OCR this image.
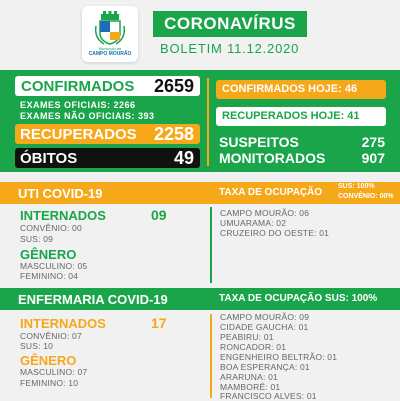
Município de
CAMPO MOURÃO
CORONAVÍRUS
BOLETIM 11.12.2020
CONFIRMADOS 2659
EXAMES OFICIAIS: 2266
EXAMES NÃO OFICIAIS: 393
RECUPERADOS 2258
ÓBITOS	49
CONFIRMADOS HOJE: 46
RECUPERADOS HOJE: 41
SUSPEITOS	275
MONITORADOS	907
UTI COVID-19	TAXA DE OCUPAÇÃO
SUS: 100%
CONVÊNIO: 00%
INTERNADOS	09
CONVÊNIO: 00
SUS: 09
GÊNERO
MASCULINO: 05
FEMININO: 04
CAMPO MOURÃO: 06
UMUARAMA: 02
CRUZEIRO DO OESTE: 01
ENFERMARIA COVID-19	TAXA DE OCUPAÇÃO SUS: 100%
INTERNADOS	17
CONVÊNIO: 07
SUS: 10
GÊNERO
MASCULINO: 07
FEMININO: 10
CAMPO MOURÃO: 09
CIDADE GAUCHA: 01
PEABIRU: 01
RONCADOR: 01
ENGENHEIRO BELTRÃO: 01
BOA ESPERANÇA: 01
ARARUNA: 01
MAMBORÊ: 01
FRANCISCO ALVES: 01
